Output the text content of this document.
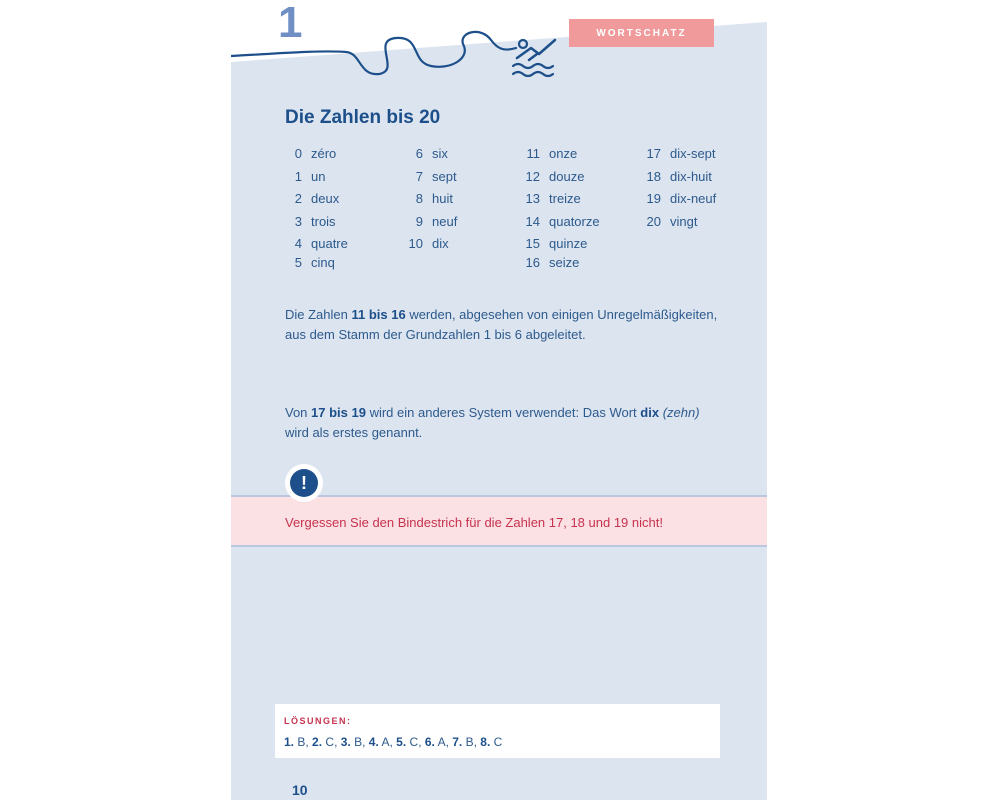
1	WORTSCHATZ
Die Zahlen bis 20
0 zéro
1 un
2 deux
3 trois
4 quatre
5 cinq
6 six
7 sept
8 huit
9 neuf
10 dix
11 onze
12 douze
13 treize
14 quatorze
15 quinze
16 seize
17 dix-sept
18 dix-huit
19 dix-neuf
20 vingt
Die Zahlen 11 bis 16 werden, abgesehen von einigen Unregelmäßigkeiten, aus dem Stamm der Grundzahlen 1 bis 6 abgeleitet.
Von 17 bis 19 wird ein anderes System verwendet: Das Wort dix (zehn) wird als erstes genannt.
!
Vergessen Sie den Bindestrich für die Zahlen 17, 18 und 19 nicht!
LÖSUNGEN:
1. B, 2. C, 3. B, 4. A, 5. C, 6. A, 7. B, 8. C
10
